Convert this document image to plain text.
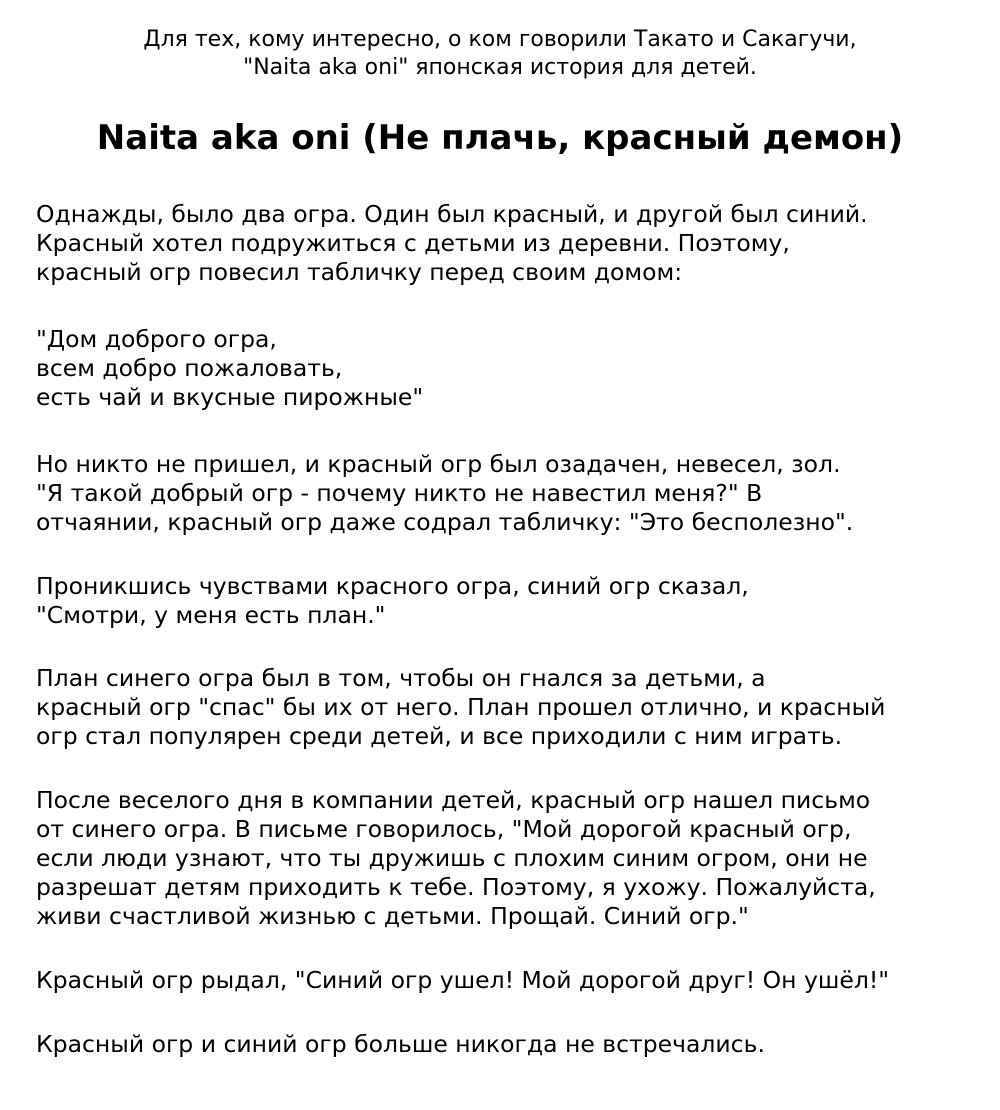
Для тех, кому интересно, о ком говорили Такато и Сакагучи,
"Naita aka oni" японская история для детей.
Naita aka oni (Не плачь, красный демон)
Однажды, было два огра. Один был красный, и другой был синий.
Красный хотел подружиться с детьми из деревни. Поэтому,
красный огр повесил табличку перед своим домом:
"Дом доброго огра,
всем добро пожаловать,
есть чай и вкусные пирожные"
Но никто не пришел, и красный огр был озадачен, невесел, зол.
"Я такой добрый огр - почему никто не навестил меня?" В
отчаянии, красный огр даже содрал табличку: "Это бесполезно".
Проникшись чувствами красного огра, синий огр сказал,
"Смотри, у меня есть план."
План синего огра был в том, чтобы он гнался за детьми, а
красный огр "спас" бы их от него. План прошел отлично, и красный
огр стал популярен среди детей, и все приходили с ним играть.
После веселого дня в компании детей, красный огр нашел письмо
от синего огра. В письме говорилось, "Мой дорогой красный огр,
если люди узнают, что ты дружишь с плохим синим огром, они не
разрешат детям приходить к тебе. Поэтому, я ухожу. Пожалуйста,
живи счастливой жизнью с детьми. Прощай. Синий огр."
Красный огр рыдал, "Синий огр ушел! Мой дорогой друг! Он ушёл!"
Красный огр и синий огр больше никогда не встречались.
